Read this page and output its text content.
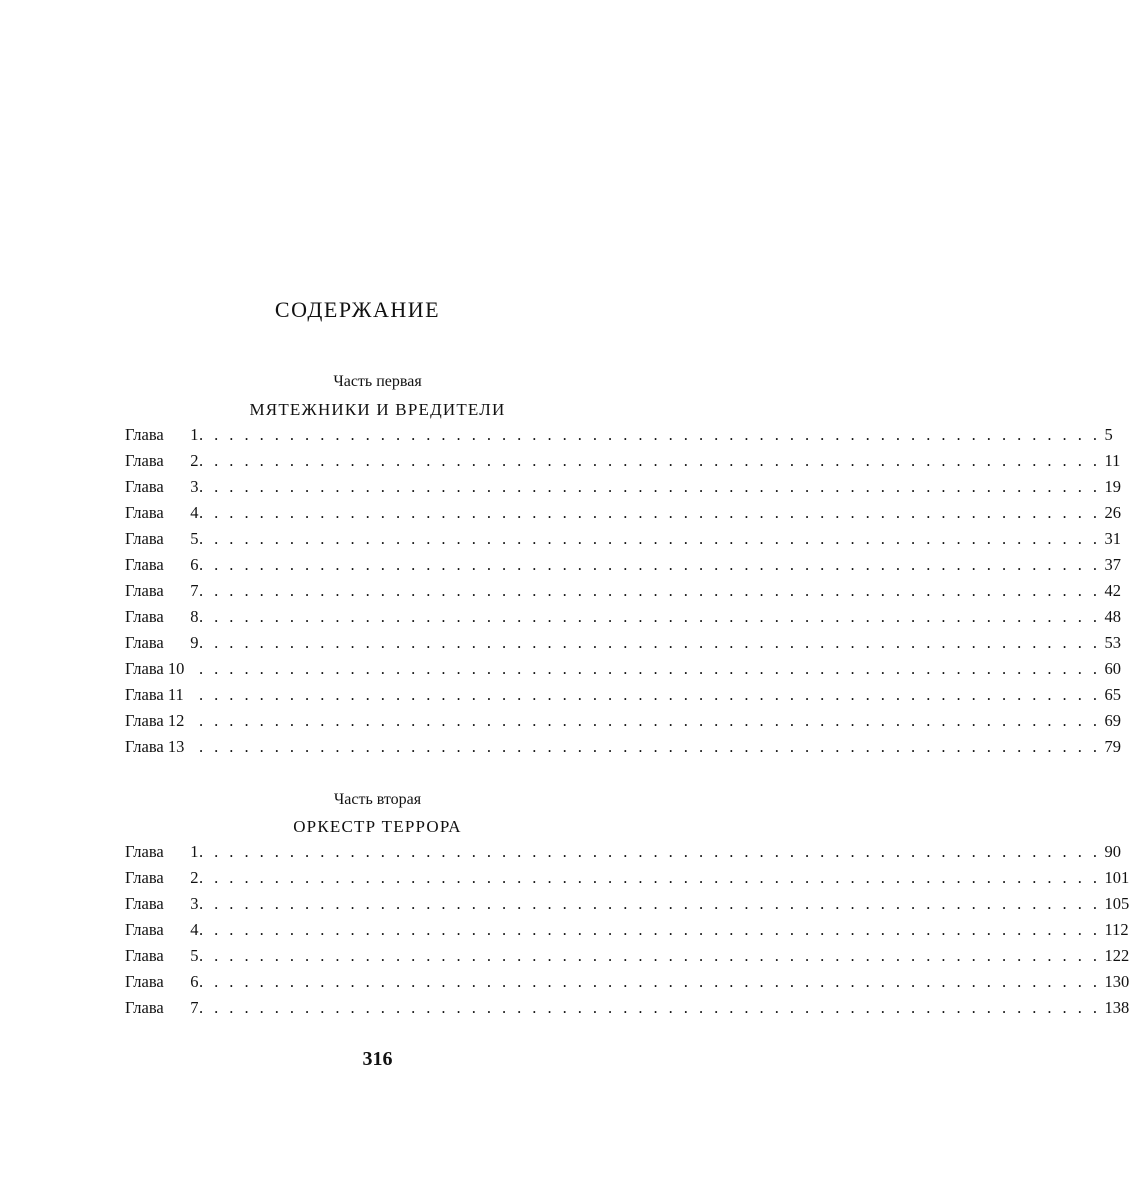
СОДЕРЖАНИЕ
Часть первая
МЯТЕЖНИКИ И ВРЕДИТЕЛИ
Глава   1 . . . . . . . . . . . . . . . . . . . . . . . . . . . . . . . . . . . . . . . . . . . . . . . . . . . . . . . . . . . . 5
Глава   2 . . . . . . . . . . . . . . . . . . . . . . . . . . . . . . . . . . . . . . . . . . . . . . . . . . . . . . . . . . . . 11
Глава   3 . . . . . . . . . . . . . . . . . . . . . . . . . . . . . . . . . . . . . . . . . . . . . . . . . . . . . . . . . . . . 19
Глава   4 . . . . . . . . . . . . . . . . . . . . . . . . . . . . . . . . . . . . . . . . . . . . . . . . . . . . . . . . . . . . 26
Глава   5 . . . . . . . . . . . . . . . . . . . . . . . . . . . . . . . . . . . . . . . . . . . . . . . . . . . . . . . . . . . . 31
Глава   6 . . . . . . . . . . . . . . . . . . . . . . . . . . . . . . . . . . . . . . . . . . . . . . . . . . . . . . . . . . . . 37
Глава   7 . . . . . . . . . . . . . . . . . . . . . . . . . . . . . . . . . . . . . . . . . . . . . . . . . . . . . . . . . . . . 42
Глава   8 . . . . . . . . . . . . . . . . . . . . . . . . . . . . . . . . . . . . . . . . . . . . . . . . . . . . . . . . . . . . 48
Глава   9 . . . . . . . . . . . . . . . . . . . . . . . . . . . . . . . . . . . . . . . . . . . . . . . . . . . . . . . . . . . . 53
Глава 10 . . . . . . . . . . . . . . . . . . . . . . . . . . . . . . . . . . . . . . . . . . . . . . . . . . . . . . . . . . . . 60
Глава 11 . . . . . . . . . . . . . . . . . . . . . . . . . . . . . . . . . . . . . . . . . . . . . . . . . . . . . . . . . . . . 65
Глава 12 . . . . . . . . . . . . . . . . . . . . . . . . . . . . . . . . . . . . . . . . . . . . . . . . . . . . . . . . . . . . 69
Глава 13 . . . . . . . . . . . . . . . . . . . . . . . . . . . . . . . . . . . . . . . . . . . . . . . . . . . . . . . . . . . . 79
Часть вторая
ОРКЕСТР ТЕРРОРА
Глава   1 . . . . . . . . . . . . . . . . . . . . . . . . . . . . . . . . . . . . . . . . . . . . . . . . . . . . . . . . . . . . 90
Глава   2 . . . . . . . . . . . . . . . . . . . . . . . . . . . . . . . . . . . . . . . . . . . . . . . . . . . . . . . . . . . . 101
Глава   3 . . . . . . . . . . . . . . . . . . . . . . . . . . . . . . . . . . . . . . . . . . . . . . . . . . . . . . . . . . . . 105
Глава   4 . . . . . . . . . . . . . . . . . . . . . . . . . . . . . . . . . . . . . . . . . . . . . . . . . . . . . . . . . . . . 112
Глава   5 . . . . . . . . . . . . . . . . . . . . . . . . . . . . . . . . . . . . . . . . . . . . . . . . . . . . . . . . . . . . 122
Глава   6 . . . . . . . . . . . . . . . . . . . . . . . . . . . . . . . . . . . . . . . . . . . . . . . . . . . . . . . . . . . . 130
Глава   7 . . . . . . . . . . . . . . . . . . . . . . . . . . . . . . . . . . . . . . . . . . . . . . . . . . . . . . . . . . . . 138
316
